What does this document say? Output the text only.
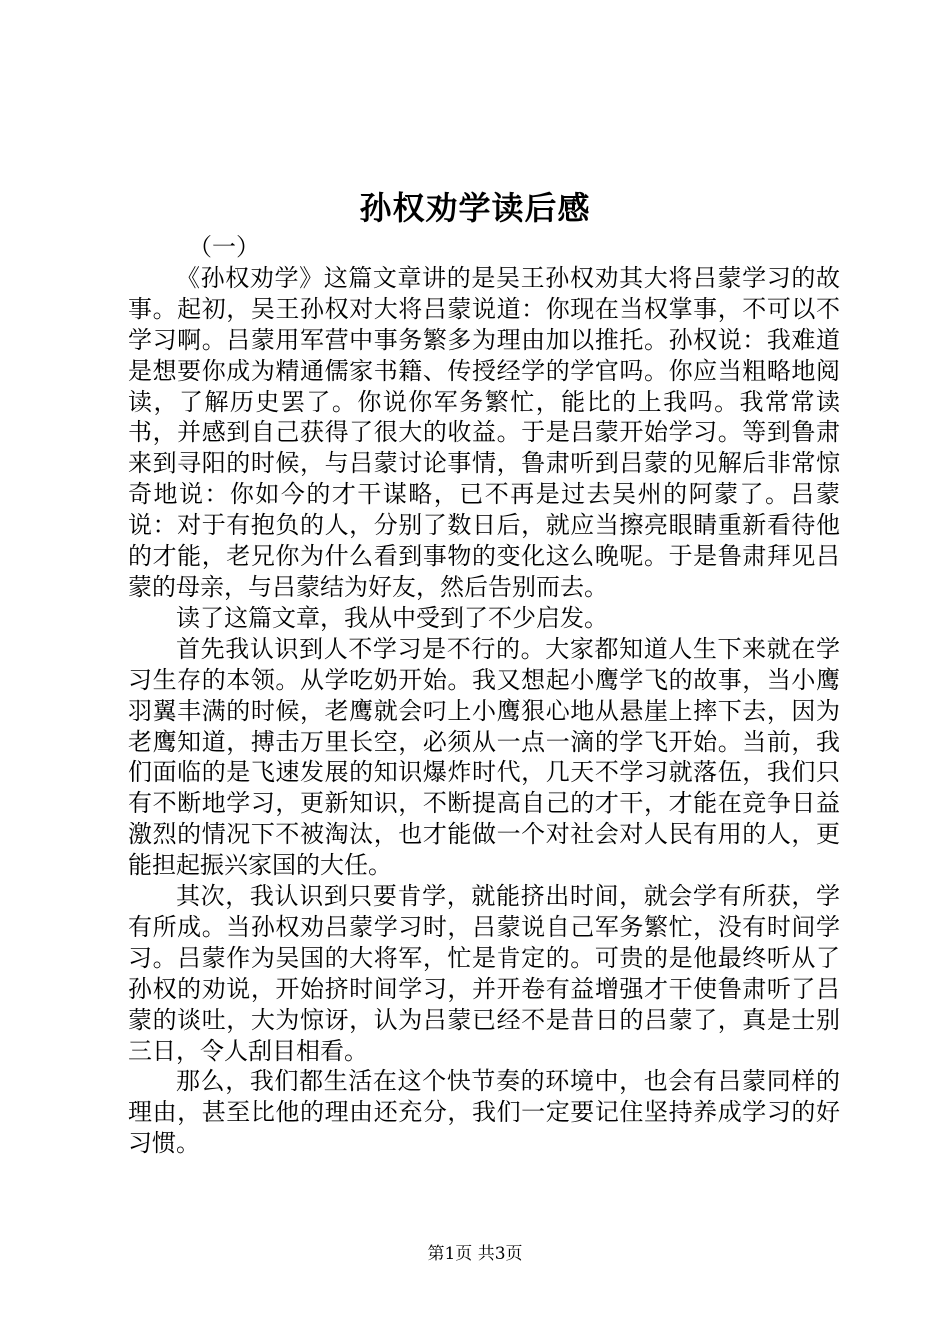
孙权劝学读后感

（一）

《孙权劝学》这篇文章讲的是吴王孙权劝其大将吕蒙学习的故事。起初，吴王孙权对大将吕蒙说道：你现在当权掌事，不可以不学习啊。吕蒙用军营中事务繁多为理由加以推托。孙权说：我难道是想要你成为精通儒家书籍、传授经学的学官吗。你应当粗略地阅读，了解历史罢了。你说你军务繁忙，能比的上我吗。我常常读书，并感到自己获得了很大的收益。于是吕蒙开始学习。等到鲁肃来到寻阳的时候，与吕蒙讨论事情，鲁肃听到吕蒙的见解后非常惊奇地说：你如今的才干谋略，已不再是过去吴州的阿蒙了。吕蒙说：对于有抱负的人，分别了数日后，就应当擦亮眼睛重新看待他的才能，老兄你为什么看到事物的变化这么晚呢。于是鲁肃拜见吕蒙的母亲，与吕蒙结为好友，然后告别而去。

读了这篇文章，我从中受到了不少启发。

首先我认识到人不学习是不行的。大家都知道人生下来就在学习生存的本领。从学吃奶开始。我又想起小鹰学飞的故事，当小鹰羽翼丰满的时候，老鹰就会叼上小鹰狠心地从悬崖上摔下去，因为老鹰知道，搏击万里长空，必须从一点一滴的学飞开始。当前，我们面临的是飞速发展的知识爆炸时代，几天不学习就落伍，我们只有不断地学习，更新知识，不断提高自己的才干，才能在竞争日益激烈的情况下不被淘汰，也才能做一个对社会对人民有用的人，更能担起振兴家国的大任。

其次，我认识到只要肯学，就能挤出时间，就会学有所获，学有所成。当孙权劝吕蒙学习时，吕蒙说自己军务繁忙，没有时间学习。吕蒙作为吴国的大将军，忙是肯定的。可贵的是他最终听从了孙权的劝说，开始挤时间学习，并开卷有益增强才干使鲁肃听了吕蒙的谈吐，大为惊讶，认为吕蒙已经不是昔日的吕蒙了，真是士别三日，令人刮目相看。

那么，我们都生活在这个快节奏的环境中，也会有吕蒙同样的理由，甚至比他的理由还充分，我们一定要记住坚持养成学习的好习惯。

第1页 共3页
